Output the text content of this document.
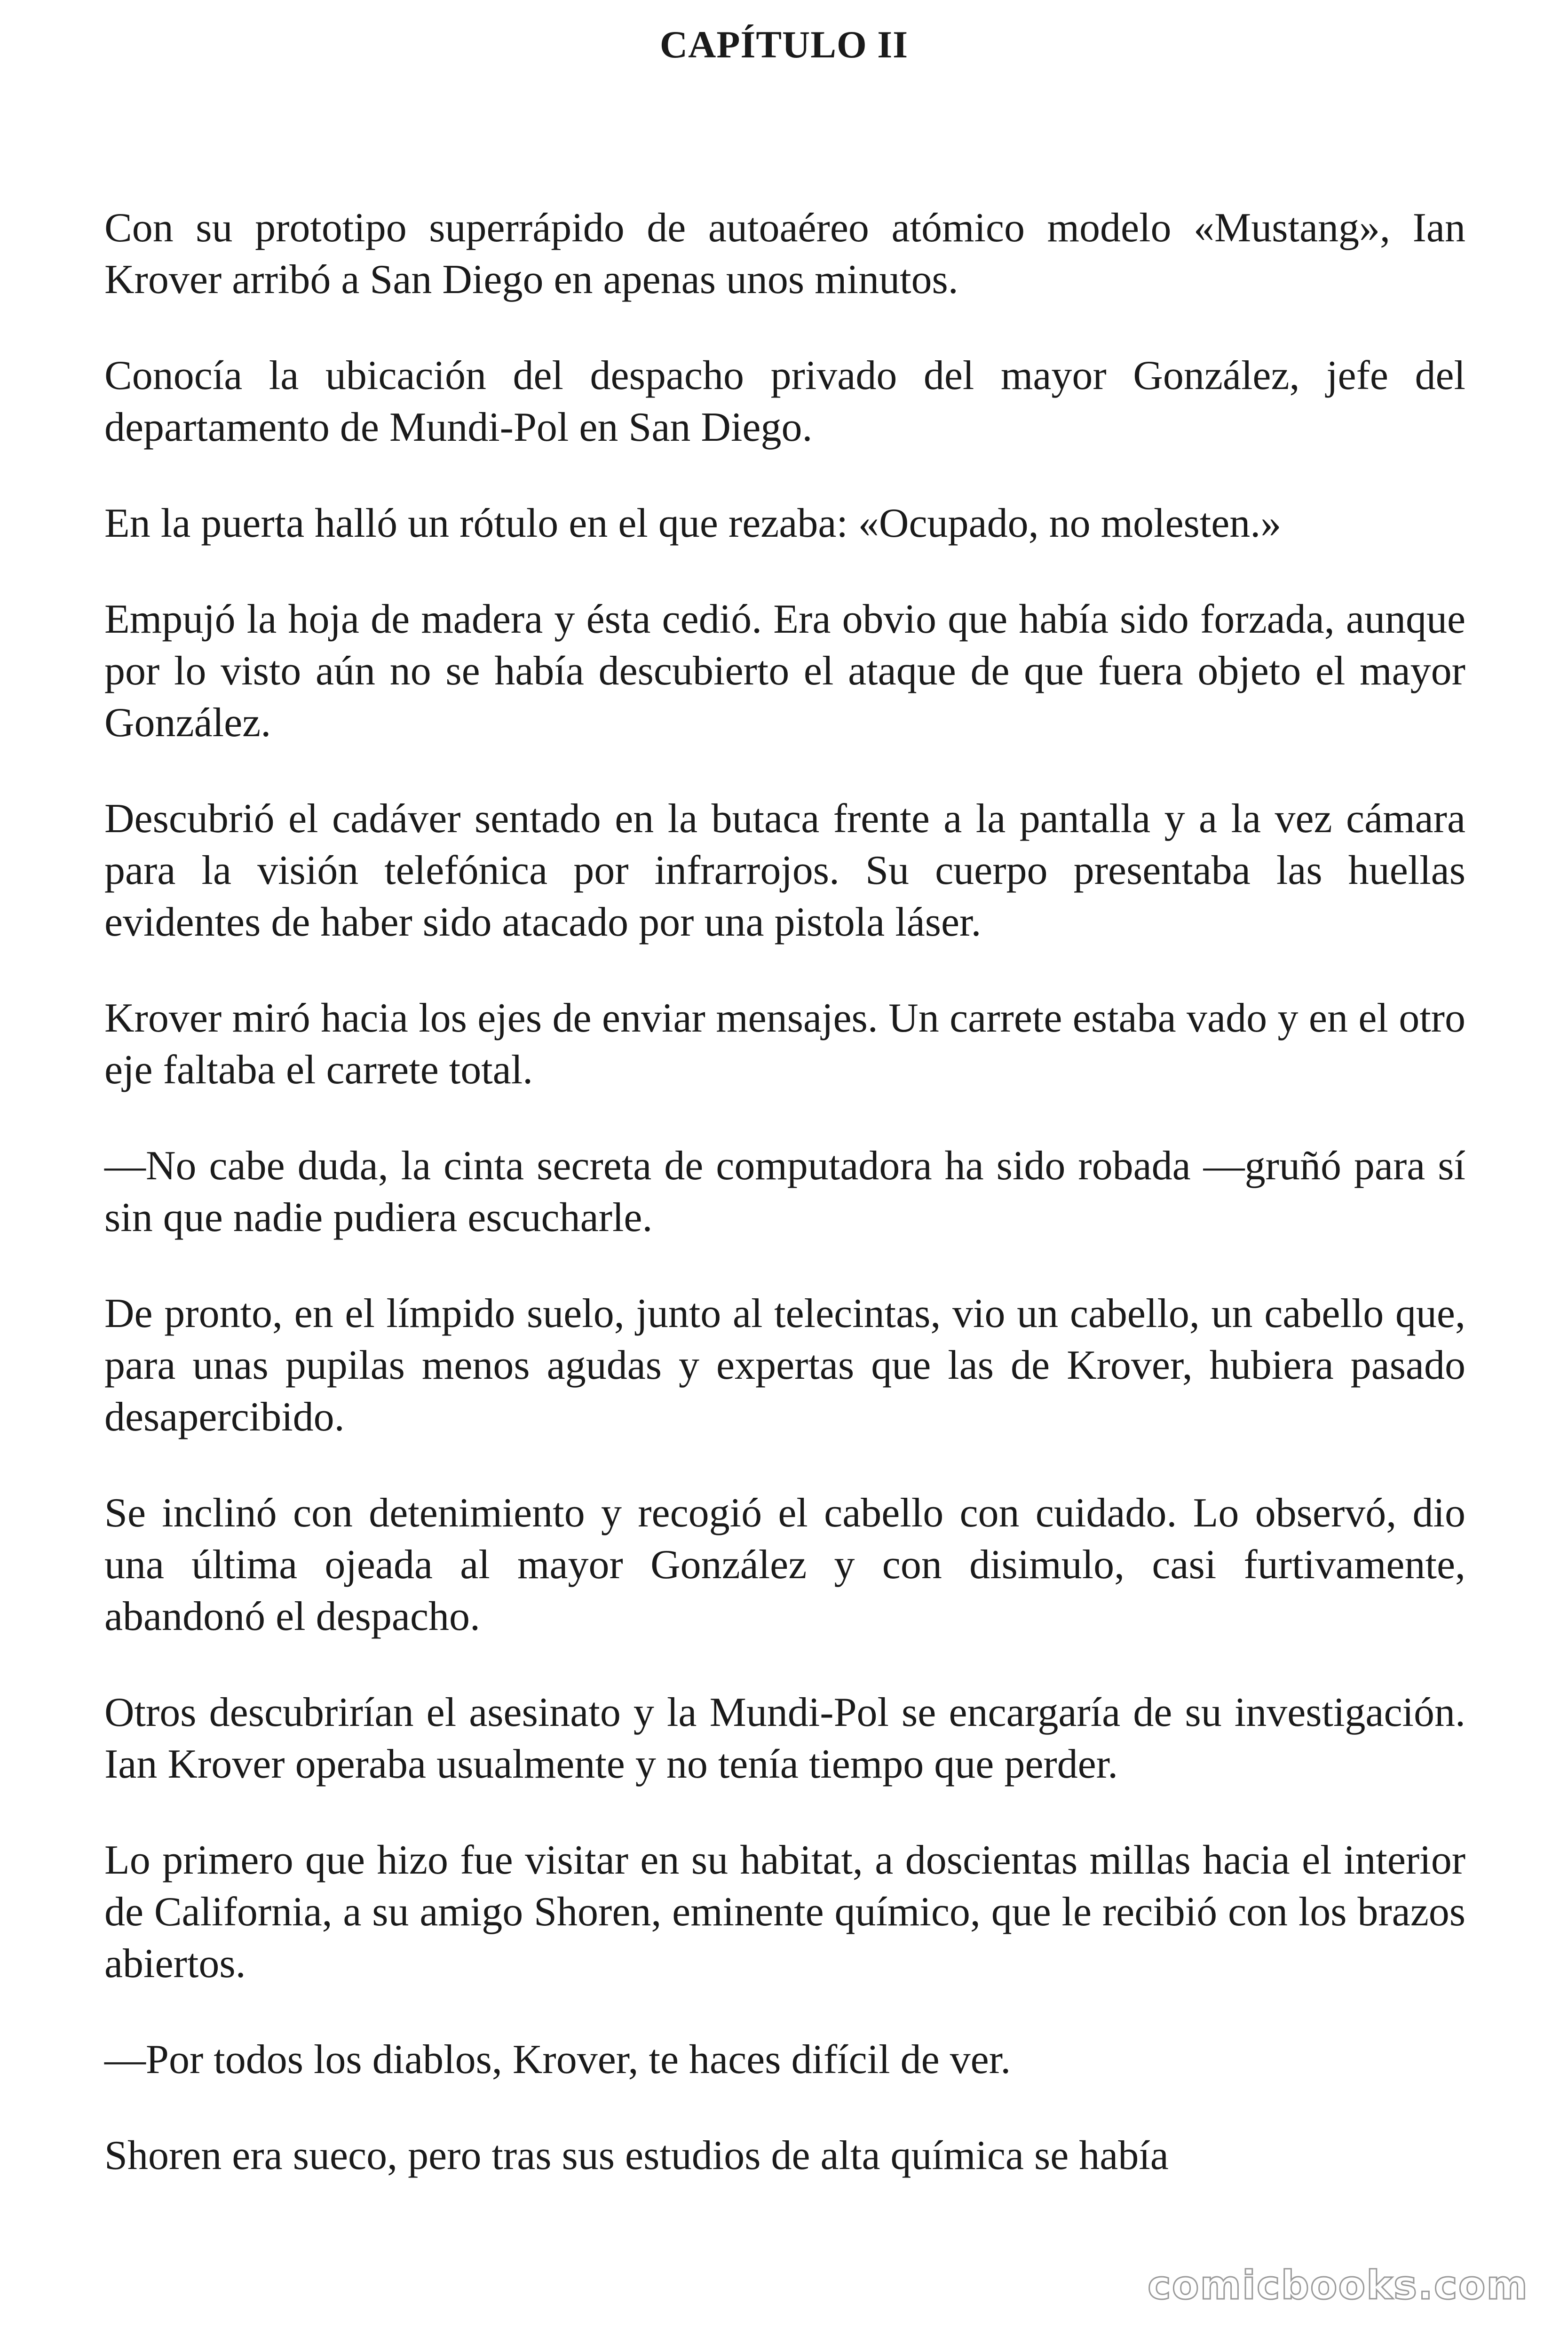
CAPÍTULO II

Con su prototipo superrápido de autoaéreo atómico modelo «Mustang», Ian Krover arribó a San Diego en apenas unos minutos.

Conocía la ubicación del despacho privado del mayor González, jefe del departamento de Mundi-Pol en San Diego.

En la puerta halló un rótulo en el que rezaba: «Ocupado, no molesten.»

Empujó la hoja de madera y ésta cedió. Era obvio que había sido forzada, aunque por lo visto aún no se había descubierto el ataque de que fuera objeto el mayor González.

Descubrió el cadáver sentado en la butaca frente a la pantalla y a la vez cámara para la visión telefónica por infrarrojos. Su cuerpo presentaba las huellas evidentes de haber sido atacado por una pistola láser.

Krover miró hacia los ejes de enviar mensajes. Un carrete estaba vado y en el otro eje faltaba el carrete total.

—No cabe duda, la cinta secreta de computadora ha sido robada —gruñó para sí sin que nadie pudiera escucharle.

De pronto, en el límpido suelo, junto al telecintas, vio un cabello, un cabello que, para unas pupilas menos agudas y expertas que las de Krover, hubiera pasado desapercibido.

Se inclinó con detenimiento y recogió el cabello con cuidado. Lo observó, dio una última ojeada al mayor González y con disimulo, casi furtivamente, abandonó el despacho.

Otros descubrirían el asesinato y la Mundi-Pol se encargaría de su investigación. Ian Krover operaba usualmente y no tenía tiempo que perder.

Lo primero que hizo fue visitar en su habitat, a doscientas millas hacia el interior de California, a su amigo Shoren, eminente químico, que le recibió con los brazos abiertos.

—Por todos los diablos, Krover, te haces difícil de ver.

Shoren era sueco, pero tras sus estudios de alta química se había

comicbooks.com
